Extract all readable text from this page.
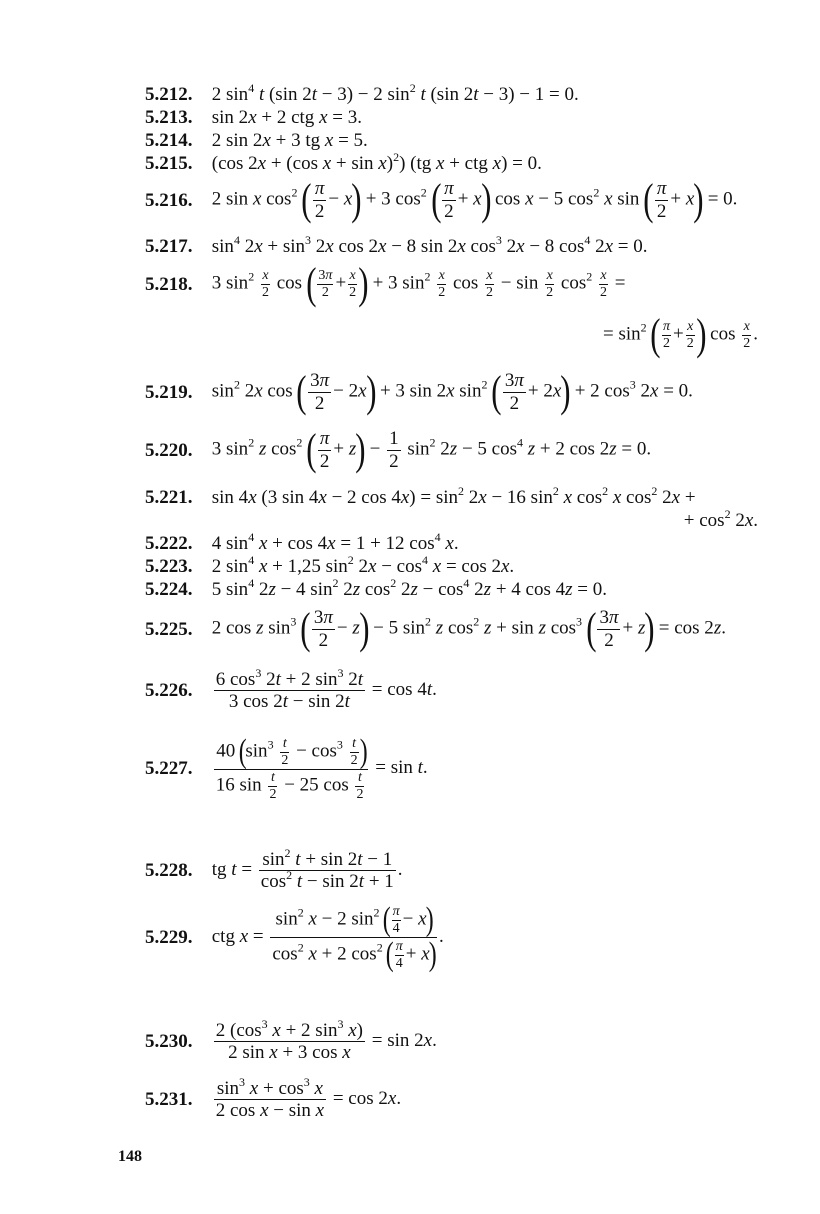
5.212. 2 $\sin^4 t$ (sin 2t − 3) − 2 $\sin^2 t$ (sin 2t − 3) − 1 = 0.
5.213. sin 2x + 2 ctg x = 3.
5.214. 2 sin 2x + 3 tg x = 5.
5.215. (cos 2x + (cos x + sin x)$^2$) (tg x + ctg x) = 0.
5.216. 2 sin x $\cos^2$ ( $\frac{\pi}{2} - x) + 3$ $\cos^2$ ( $\frac{\pi}{2} + x$) cos x − 5 $\cos^2 x$ sin ( $\frac{\pi}{2} + x) = 0$.
5.217. $\sin^4 2x + \sin^3 2x$ cos 2x − 8 sin 2x $\cos^3 2x - 8$ $\cos^4 2x = 0$.
5.218. 3 $\sin^2 \frac{x}{2}$ cos ( $\frac{3\pi}{2} + \frac{x}{2}$ ) + 3 $\sin^2 \frac{x}{2}$ $\cos \frac{x}{2} - \sin \frac{x}{2} \cos^2 \frac{x}{2}$ =
= $\sin^2$ ( $\frac{\pi}{2} + \frac{x}{2}$ ) $\cos \frac{x}{2}$ .
5.219. $\sin^2 2x$ cos ( $\frac{3\pi}{2} - 2x) + 3$ sin 2x $\sin^2$ ( $\frac{3\pi}{2} + 2x) + 2$ $\cos^3 2x = 0$.
5.220. 3 $\sin^2 z$ $\cos^2$ ( $\frac{\pi}{2} + z) - \frac{1}{2} \sin^2 2z - 5$ $\cos^4 z + 2$ cos 2z = 0.
5.221. sin 4x (3 sin 4x − 2 $\cos 4x) = \sin^2 2x - 16$ $\sin^2 x$ $\cos^2 x$ $\cos^2 2x$ +
+ $\cos^2 2x$.
5.222. 4 $\sin^4 x + \cos 4x = 1 + 12$ $\cos^4 x$.
5.223. 2 $\sin^4 x + 1,25$ $\sin^2 2x - \cos^4 x = \cos 2x$.
5.224. 5 $\sin^4 2z - 4$ $\sin^2 2z$ $\cos^2 2z - \cos^4 2z + 4$ cos 4z = 0.
5.225. 2 cos z $\sin^3$ ( $\frac{3\pi}{2} - z) - 5$ $\sin^2 z$ $\cos^2 z + \sin z$ $\cos^3$ ( $\frac{3\pi}{2} + z) = \cos 2z$.
5.226. $\frac{6 \cos^3 2t + 2 \sin^3 2t}{3 \cos 2t - \sin 2t} = \cos 4t$.
5.227. $\frac{40 (\sin^3 \frac{t}{2} - \cos^3 \frac{t}{2} )}{16 \sin \frac{t}{2} - 25 \cos \frac{t}{2}} = \sin t$.
5.228. tg $t = \frac{\sin^2 t + \sin 2t - 1}{\cos^2 t - \sin 2t + 1}$ .
5.229. ctg $x = \frac{\sin^2 x - 2 \sin^2 ( \frac{\pi}{4} - x)}{\cos^2 x + 2 \cos^2 ( \frac{\pi}{4} + x)}$ .
5.230. $\frac{2 (\cos^3 x + 2 \sin^3 x)}{\text{2 sin x + 3 cos x}} = \sin 2x$.
5.231. $\frac{\sin^3 x + \cos^3 x}{\text{2 cos x − sin x}} = \cos 2x$.
148
